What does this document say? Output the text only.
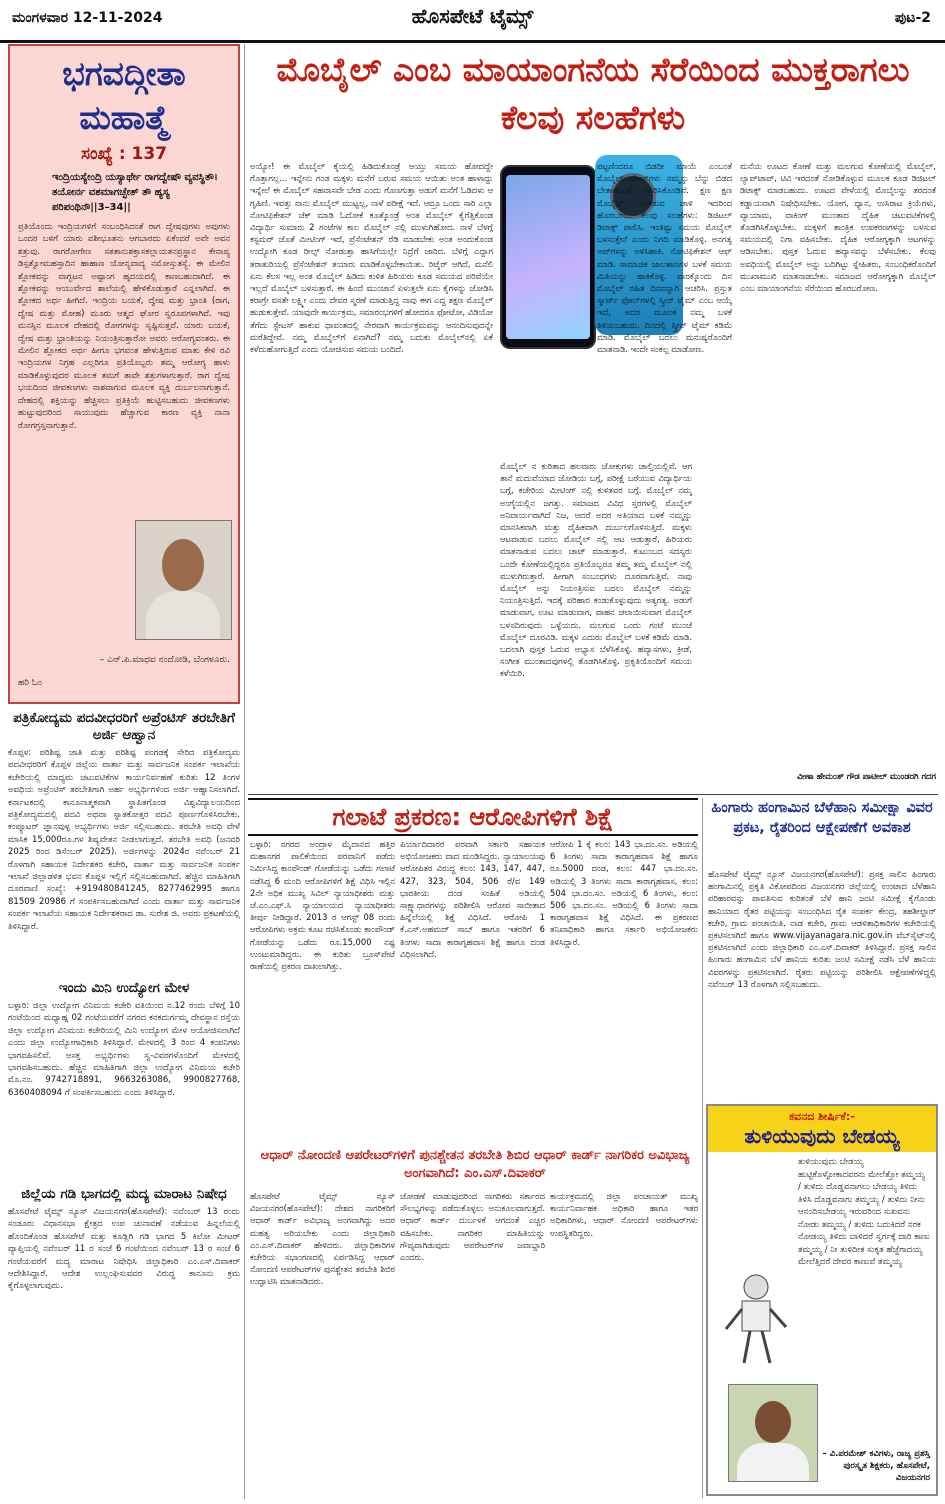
ಮಂಗಳವಾರ 12-11-2024	ಹೊಸಪೇಟೆ ಟೈಮ್ಸ್	ಪುಟ-2
ಭಗವದ್ಗೀತಾ ಮಹಾತ್ಮೆ
ಸಂಖ್ಯೆ : 137
ಇಂದ್ರಿಯಸ್ಯೇಂದ್ರಿ ಯಸ್ಯಾರ್ಥೇ ರಾಗದ್ವೇಷೌ ವ್ಯವಸ್ಥಿತೌ। ತಯೋರ್ನ ವಶಮಾಗಚ್ಛೇತ್ ತೌ ಹ್ಯಸ್ಯ ಪರಿಪಂಥಿನೌ||3–34||
ಪ್ರತಿಯೊಂದು ಇಂದ್ರಿಯಗಳಿಗೆ ಸಂಬಂಧಿಸಿದಂತೆ ರಾಗ ದ್ವೇಷವುಗಳು ಅವುಗಳು ಒಂದರ ಬಳಿಗೆ ಯಾರು ವಶೀಭೂತನು ಆಗಬಾರದು ಏಕೆಂದರೆ ಅವೇ ಅವನ ಶತ್ರುವು. ರಾಗರೋಗೇಣ ಸತತಾನುಶಕ್ತಾಸಕಲ್ಲಾಯತನಪ್ರಸ್ಥಾನ ಕೇನಾಪ್ಯ ಡಿಸ್ಪತ್ವೋಮಹಸ್ತಾದಿನ ಹಾಹಾಣ ಯೋನ್ಯವಾದ್ಯ ನಮೋಸ್ತುತಸ್ಯೆ. ಈ ಮೇಲಿನ ಶ್ಲೋಕವನ್ನು ವಾಗ್ಭಟನ ಅಷ್ಟಾಂಗ ಹೃದಯದಲ್ಲಿ ಕಾಣಬಹುದಾಗಿದೆ. ಈ ಶ್ಲೋಕವನ್ನು ಆಯುರ್ವೇದ ಶಾಲೆಯಲ್ಲಿ ಹೇಳಿಕೊಡುತ್ತಾರೆ ಎನ್ನಲಾಗಿದೆ. ಈ ಶ್ಲೋಕದ ಅರ್ಥ ಹೀಗಿದೆ. ಇಂದ್ರಿಯ ಬಯಕೆ, ದ್ವೇಷ ಮತ್ತು ಭ್ರಾಂತಿ (ರಾಗ, ದ್ವೇಷ ಮತ್ತು ಮೋಹ) ಮೂರು ಆತ್ಮದ ಘೋರ ಸ್ವರೂಪಗಳಾಗಿವೆ. ಇವು ಮನಸ್ಸಿನ ಮೂಲಕ ದೇಹದಲ್ಲಿ ರೋಗಗಳನ್ನು ಸೃಷ್ಟಿಸುತ್ತವೆ. ಯಾರು ಬಯಕೆ, ದ್ವೇಷ ಮತ್ತು ಭ್ರಾಂತಿಯನ್ನು ನಿಯಂತ್ರಿಸುತ್ತಾರೋ ಅವರು ಆರೋಗ್ಯವಂತರು. ಈ ಮೇಲಿನ ಶ್ಲೋಕದ ಅರ್ಥ ಹೀಗೂ ಭಗವಂತ ಹೇಳುತ್ತಿರುವ ಮಾತು ಕೇಳಿ ರವಿ ಇಂದ್ರಿಯಗಳ ನಿಗ್ರಹ ಎಲ್ಲರಿಗೂ ಪ್ರತಿಯೊಬ್ಬರು ತಮ್ಮ ಆರೋಗ್ಯ ಹಾಳು ಮಾಡಿಕೊಳ್ಳುವುದರ ಮೂಲಕ ತಮಗೆ ತಾವೇ ಶತ್ರುಗಳಾಗುತ್ತಾರೆ. ರಾಗ ದ್ವೇಷ ಭಯದಿಂದ ಜೀವಕಣಗಳು ನಾಶವಾಗುವ ಮೂಲಕ ವ್ಯಕ್ತಿ ದುರ್ಬಲನಾಗುತ್ತಾನೆ. ದೇಹದಲ್ಲಿ ಶಕ್ತಿಯನ್ನು ಹೆಚ್ಚಿಸಲು ಪ್ರತಿಕ್ರಿಯೆ ಹುಟ್ಟಿಸಬಹುದು ಜೀವಕಣಗಳು ಹುಟ್ಟುವುದರಿಂದ ಸಾಯುವುದು ಹೆಚ್ಚಾಗುವ ಕಾರಣ ವ್ಯಕ್ತಿ ನಾನಾ ರೋಗಗ್ರಸ್ತನಾಗುತ್ತಾನೆ.
– ಎನ್.ಪಿ.ಮಾಧವ ನಂದೋಡಿ, ಬೆಂಗಳೂರು.
ಹರಿ ಓಂ
ಪತ್ರಿಕೋದ್ಯಮ ಪದವೀಧರರಿಗೆ ಅಪ್ರೆಂಟಿಸ್ ತರಬೇತಿಗೆ ಅರ್ಜಿ ಆಹ್ವಾನ
ಕೊಪ್ಪಳ: ಪರಿಶಿಷ್ಟ ಜಾತಿ ಮತ್ತು ಪರಿಶಿಷ್ಟ ಪಂಗಡಕ್ಕೆ ಸೇರಿದ ಪತ್ರಿಕೋದ್ಯಮ ಪದವೀಧರರಿಗೆ ಕೊಪ್ಪಳ ಜಿಲ್ಲೆಯ ವಾರ್ತಾ ಮತ್ತು ಸಾರ್ವಜನಿಕ ಸಂಪರ್ಕ ಇಲಾಖೆಯ ಕಚೇರಿಯಲ್ಲಿ ಮಾಧ್ಯಮ ಚಟುವಟಿಕೆಗಳ ಕಾರ್ಯನಿರ್ವಹಣೆ ಕುರಿತು 12 ತಿಂಗಳ ಅವಧಿಯ ಅಪ್ರೆಂಟಿಸ್ ತರಬೇತಿಗಾಗಿ ಅರ್ಹ ಅಭ್ಯರ್ಥಿಗಳಿಂದ ಅರ್ಜಿ ಆಹ್ವಾನಿಸಲಾಗಿದೆ. ಕರ್ನಾಟಕದಲ್ಲಿ ಕಾನೂನಾತ್ಮಕವಾಗಿ ಸ್ಥಾಪಿತಗೊಂಡ ವಿಶ್ವವಿದ್ಯಾಲಯದಿಂದ ಪತ್ರಿಕೋದ್ಯಮದಲ್ಲಿ ಪದವಿ ಅಥವಾ ಸ್ನಾತಕೋತ್ತರ ಪದವಿ ಪೂರ್ಣಗೊಳಿಸಿರಬೇಕು. ಕಂಪ್ಯೂಟರ್ ಜ್ಞಾನವುಳ್ಳ ಅಭ್ಯರ್ಥಿಗಳು ಅರ್ಜಿ ಸಲ್ಲಿಸಬಹುದು. ತರಬೇತಿ ಅವಧಿ ವೇಳೆ ಮಾಸಿಕ 15,000ರೂ.ಗಳ ಶಿಷ್ಯವೇತನ ನೀಡಲಾಗುತ್ತದೆ. ತರಬೇತಿ ಅವಧಿ (ಜನವರಿ 2025 ರಿಂದ ಡಿಸೆಂಬರ್ 2025). ಅರ್ಜಿಗಳನ್ನು 2024ರ ನವೆಂಬರ್ 21 ರೊಳಗಾಗಿ ಸಹಾಯಕ ನಿರ್ದೇಶಕರ ಕಚೇರಿ, ವಾರ್ತಾ ಮತ್ತು ಸಾರ್ವಜನಿಕ ಸಂಪರ್ಕ ಇಲಾಖೆ ಜಿಲ್ಲಾಡಳಿತ ಭವನ ಕೊಪ್ಪಳ ಇಲ್ಲಿಗೆ ಸಲ್ಲಿಸಬಹುದಾಗಿದೆ. ಹೆಚ್ಚಿನ ಮಾಹಿತಿಗಾಗಿ ದೂರವಾಣಿ ಸಂಖ್ಯೆ: +919480841245, 8277462995 ಹಾಗೂ 81509 20986 ಗೆ ಸಂಪರ್ಕಿಸಬಹುದಾಗಿದೆ ಎಂದು ವಾರ್ತಾ ಮತ್ತು ಸಾರ್ವಜನಿಕ ಸಂಪರ್ಕ ಇಲಾಖೆಯ ಸಹಾಯಕ ನಿರ್ದೇಶಕರಾದ ಡಾ. ಸುರೇಶ ಜಿ. ಅವರು ಪ್ರಕಟಣೆಯಲ್ಲಿ ತಿಳಿಸಿದ್ದಾರೆ.
ಇಂದು ಮಿನಿ ಉದ್ಯೋಗ ಮೇಳ
ಬಳ್ಳಾರಿ: ಜಿಲ್ಲಾ ಉದ್ಯೋಗ ವಿನಿಮಯ ಕಚೇರಿ ವತಿಯಿಂದ ನ.12 ರಂದು ಬೆಳಿಗ್ಗೆ 10 ಗಂಟೆಯಿಂದ ಮಧ್ಯಾಹ್ನ 02 ಗಂಟೆಯವರೆಗೆ ನಗರದ ಕನಕದುರ್ಗಮ್ಮ ದೇವಸ್ಥಾನ ರಸ್ತೆಯ ಜಿಲ್ಲಾ ಉದ್ಯೋಗ ವಿನಿಮಯ ಕಚೇರಿಯಲ್ಲಿ ಮಿನಿ ಉದ್ಯೋಗ ಮೇಳ ಆಯೋಜಿಸಲಾಗಿದೆ ಎಂದು ಜಿಲ್ಲಾ ಉದ್ಯೋಗಾಧಿಕಾರಿ ತಿಳಿಸಿದ್ದಾರೆ. ಮೇಳದಲ್ಲಿ 3 ರಿಂದ 4 ಕಂಪನಿಗಳು ಭಾಗವಹಿಸಲಿವೆ. ಆಸಕ್ತ ಅಭ್ಯರ್ಥಿಗಳು ಸ್ವ-ವಿವರಗಳೊಂದಿಗೆ ಮೇಳದಲ್ಲಿ ಭಾಗವಹಿಸಬಹುದು. ಹೆಚ್ಚಿನ ಮಾಹಿತಿಗಾಗಿ ಜಿಲ್ಲಾ ಉದ್ಯೋಗ ವಿನಿಮಯ ಕಚೇರಿ ಮೊ.ನಂ. 9742718891, 9663263086, 9900827768, 6360408094 ಗೆ ಸಂಪರ್ಕಿಸಬಹುದು ಎಂದು ತಿಳಿಸಿದ್ದಾರೆ.
ಜಿಲ್ಲೆಯ ಗಡಿ ಭಾಗದಲ್ಲಿ ಮದ್ಯ ಮಾರಾಟ ನಿಷೇಧ
ಹೊಸಪೇಟೆ ಟೈಮ್ಸ್ ನ್ಯೂಸ್ ವಿಜಯನಗರ(ಹೊಸಪೇಟೆ): ನವೆಂಬರ್ 13 ರಂದು ಸಂಡೂರು ವಿಧಾನಸಭಾ ಕ್ಷೇತ್ರದ ಉಪ ಚುನಾವಣೆ ನಡೆಯುವ ಹಿನ್ನಲೆಯಲ್ಲಿ ಹೊಂದಿಕೊಂಡ ಹೊಸಪೇಟೆ ಮತ್ತು ಕೂಡ್ಲಿಗಿ ಗಡಿ ಭಾಗದ 5 ಕಿಲೋ ಮೀಟರ್ ವ್ಯಾಪ್ತಿಯಲ್ಲಿ ನವೆಂಬರ್ 11 ರ ಸಂಜೆ 6 ಗಂಟೆಯಿಂದ ನವೆಂಬರ್ 13 ರ ಸಂಜೆ 6 ಗಂಟೆಯವರೆಗೆ ಮದ್ಯ ಮಾರಾಟ ನಿಷೇಧಿಸಿ ಜಿಲ್ಲಾಧಿಕಾರಿ ಎಂ.ಎಸ್.ದಿವಾಕರ್ ಆದೇಶಿಸಿದ್ದಾರೆ. ಆದೇಶ ಉಲ್ಲಂಘಿಸುವವರ ವಿರುದ್ಧ ಕಾನೂನು ಕ್ರಮ ಕೈಗೊಳ್ಳಲಾಗುವುದು.
ಮೊಬೈಲ್ ಎಂಬ ಮಾಯಾಂಗನೆಯ ಸೆರೆಯಿಂದ ಮುಕ್ತರಾಗಲು ಕೆಲವು ಸಲಹೆಗಳು
ಅಯ್ಯೋ! ಈ ಮೊಬೈಲ್ ಕೈಯಲ್ಲಿ ಹಿಡಿದುಕೊಂಡ್ರೆ ಆಯ್ತು ಸಮಯ ಹೋದದ್ದೇ ಗೊತ್ತಾಗಲ್ಲ... ಇನ್ನೇನು ಗಂಡ ಮಕ್ಕಳು ಮನೆಗೆ ಬರುವ ಸಮಯ ಆಯಿತು ಅಂತ ಹಾಳಾದ್ದು ಇನ್ನೇಲೆ ಈ ಮೊಬೈಲ್ ಸಹವಾಸವೇ ಬೇಡ ಎಂದು ಗೊಣಗುತ್ತಾ ಅಡುಗೆ ಮನೆಗೆ ಓಡಿದಳು ಆ ಗೃಹಿಣಿ. ಇವತ್ತು ನಾನು ಮೊಬೈಲ್ ಮುಟ್ಟಲ್ಲ, ನಾಳೆ ಪರೀಕ್ಷೆ ಇದೆ. ಆದ್ರೂ ಒಂದು ಸಾರಿ ಎಲ್ಲಾ ನೋಟಿಫಿಕೇಶನ್ ಚೆಕ್ ಮಾಡಿ ಓದೋಕೆ ಕೂತ್ಕೊಂಡ್ರೆ ಅಂತ ಮೊಬೈಲ್ ಕೈಗೆತ್ತಿಕೊಂಡ ವಿದ್ಯಾರ್ಥಿ ಸುಮಾರು 2 ಗಂಟೆಗಳ ಕಾಲ ಮೊಬೈಲ್ ನಲ್ಲಿ ಮುಳುಗಿಹೋದ. ನಾಳೆ ಬೆಳಗ್ಗೆ ಕಸ್ಟಮರ್ ಜೊತೆ ಮೀಟಿಂಗ್ ಇದೆ, ಪ್ರೆಸೆಂಟೇಶನ್ ರೆಡಿ ಮಾಡಬೇಕು ಅಂತ ಅಂದುಕೊಂಡ ಉದ್ಯೋಗಿ ಕೂಡ ರೀಲ್ಸ್ ನೋಡುತ್ತಾ ಹಾಸಿಗೆಯಲ್ಲೇ ನಿದ್ರೆಗೆ ಜಾರಿದ. ಬೆಳಿಗ್ಗೆ ಎದ್ದಾಗ ತರಾತುರಿಯಲ್ಲಿ ಪ್ರೆಸೆಂಟೇಶನ್ ತಯಾರು ಮಾಡಿಕೊಳ್ಳಬೇಕಾಯಿತು. ರಿಟೈರ್ ಆಗಿದೆ, ಮನೆಲಿ ಏನು ಕೆಲಸ ಇಲ್ಲ ಅಂತ ಮೊಬೈಲ್ ಹಿಡಿದು ಕುಳಿತ ಹಿರಿಯರು ಕೂಡ ಸಮಯದ ಪರಿವೆಯೇ ಇಲ್ಲದೆ ಮೊಬೈಲ್ ಬಳಸುತ್ತಾರೆ. ಈ ಹಿಂದೆ ಮುಂಜಾನೆ ಏಳುತ್ತಲೇ ಏನು ಕೈಗಳನ್ನು ಜೋಡಿಸಿ ಕರಾಗ್ರೇ ವಸತೇ ಲಕ್ಷ್ಮೀ ಎಂದು ದೇವರ ಸ್ಮರಣೆ ಮಾಡುತ್ತಿದ್ದ ನಾವು ಈಗ ಎದ್ದ ತಕ್ಷಣ ಮೊಬೈಲ್ ಹುಡುಕುತ್ತೇವೆ. ಯಾವುದೇ ಕಾರ್ಯಕ್ರಮ, ಸಮಾರಂಭಗಳಿಗೆ ಹೋದರೂ ಫೋಟೋ, ವಿಡಿಯೋ ತೆಗೆದು ಸ್ಟೇಟಸ್ ಹಾಕುವ ಧಾವಂತದಲ್ಲಿ ನೇರವಾಗಿ ಕಾರ್ಯಕ್ರಮವನ್ನು ಆನಂದಿಸುವುದನ್ನೇ ಮರೆತಿದ್ದೇವೆ. ನಮ್ಮ ಮೊಬೈಲ್‌ಗೆ ಏನಾಗಿದೆ? ನಮ್ಮ ಬದುಕು ಮೊಬೈಲ್‌ನಲ್ಲಿ ಏಕೆ ಕಳೆದುಹೋಗುತ್ತಿದೆ ಎಂದು ಯೋಚಿಸುವ ಸಮಯ ಬಂದಿದೆ.
ಮೊಬೈಲ್ ನ ಕುರಿತಾದ ಹಲವಾರು ಜೋಕುಗಳು ಚಾಲ್ತಿಯಲ್ಲಿವೆ. ಆಗ ತಾನೆ ಮದುವೆಯಾದ ಜೋಡಿಯ ಬಗ್ಗೆ, ಪರೀಕ್ಷೆ ಬರೆಯುವ ವಿದ್ಯಾರ್ಥಿಯ ಬಗ್ಗೆ, ಕಚೇರಿಯ ಮೀಟಿಂಗ್ ನಲ್ಲಿ ಕುಳಿತವರ ಬಗ್ಗೆ. ಮೊಬೈಲ್ ನಮ್ಮ ಅಂಗೈಯಲ್ಲಿನ ಜಗತ್ತು. ಸಮಾಜದ ವಿವಿಧ ಸ್ತರಗಳಲ್ಲಿ ಮೊಬೈಲ್ ಅನಿವಾರ್ಯವಾಗಿದೆ ನಿಜ, ಆದರೆ ಅದರ ಅತಿಯಾದ ಬಳಕೆ ನಮ್ಮನ್ನು ಮಾನಸಿಕವಾಗಿ ಮತ್ತು ದೈಹಿಕವಾಗಿ ದುರ್ಬಲಗೊಳಿಸುತ್ತಿದೆ. ಮಕ್ಕಳು ಆಟವಾಡುವ ಬದಲು ಮೊಬೈಲ್ ನಲ್ಲಿ ಆಟ ಆಡುತ್ತಾರೆ, ಹಿರಿಯರು ಮಾತನಾಡುವ ಬದಲು ಚಾಟ್ ಮಾಡುತ್ತಾರೆ. ಕುಟುಂಬದ ಸದಸ್ಯರು ಒಂದೇ ಕೋಣೆಯಲ್ಲಿದ್ದರೂ ಪ್ರತಿಯೊಬ್ಬರೂ ತಮ್ಮ ತಮ್ಮ ಮೊಬೈಲ್ ನಲ್ಲಿ ಮುಳುಗಿರುತ್ತಾರೆ. ಹೀಗಾಗಿ ಸಂಬಂಧಗಳು ದೂರವಾಗುತ್ತಿವೆ. ನಾವು ಮೊಬೈಲ್ ಅನ್ನು ನಿಯಂತ್ರಿಸುವ ಬದಲು ಮೊಬೈಲ್ ನಮ್ಮನ್ನು ನಿಯಂತ್ರಿಸುತ್ತಿದೆ. ಇದಕ್ಕೆ ಪರಿಹಾರ ಕಂಡುಕೊಳ್ಳುವುದು ಅತ್ಯಗತ್ಯ. ಅಡುಗೆ ಮಾಡುವಾಗ, ಊಟ ಮಾಡುವಾಗ, ವಾಹನ ಚಲಾಯಿಸುವಾಗ ಮೊಬೈಲ್ ಬಳಸದಿರುವುದು ಒಳ್ಳೆಯದು. ಮಲಗುವ ಒಂದು ಗಂಟೆ ಮುಂಚೆ ಮೊಬೈಲ್ ದೂರವಿಡಿ. ಮಕ್ಕಳ ಎದುರು ಮೊಬೈಲ್ ಬಳಕೆ ಕಡಿಮೆ ಮಾಡಿ. ಬದಲಾಗಿ ಪುಸ್ತಕ ಓದುವ ಅಭ್ಯಾಸ ಬೆಳೆಸಿಕೊಳ್ಳಿ. ಹವ್ಯಾಸಗಳು, ಕ್ರೀಡೆ, ಸಂಗೀತ ಮುಂತಾದವುಗಳಲ್ಲಿ ತೊಡಗಿಸಿಕೊಳ್ಳಿ. ಪ್ರಕೃತಿಯೊಂದಿಗೆ ಸಮಯ ಕಳೆಯಿರಿ.
ಪಟ್ಟಣಿಂದರೂ ಬಿಡದೀ ಮಾಯೆ ಎಂಬಂತೆ ಮೊಬೈಲ್ ಫೋನ್‌ಗಳು ನಮ್ಮನ್ನು ಬೆನ್ನು ಬಿಡದ ಬೇತಾಳದಂತೆ ಆವರಿಸಿಕೊಂಡಿವೆ. ಕ್ಷಣ ಕ್ಷಣ ಮೊಬೈಲ್ ನೋಡುವ ಚಾಳಿ ಇದರಿಂದ ಹೊರಬರಲು ಕೆಲವು ಸಲಹೆಗಳು: ಡಿಜಿಟಲ್ ಡಿಟಾಕ್ಸ್ ಪಾಲಿಸಿ. ಇಂತಿಷ್ಟು ಸಮಯ ಮೊಬೈಲ್ ಬಳಸುತ್ತೇನೆ ಎಂದು ನಿಗದಿ ಮಾಡಿಕೊಳ್ಳಿ. ಅನಗತ್ಯ ಆಪ್‌ಗಳನ್ನು ಅಳಿಸಿಹಾಕಿ. ನೋಟಿಫಿಕೇಶನ್ ಆಫ್ ಮಾಡಿ. ಸಾಮಾಜಿಕ ಜಾಲತಾಣಗಳ ಬಳಕೆ ಸಮಯ ಮಿತಿಯನ್ನು ಹಾಕಿಕೊಳ್ಳಿ. ವಾರಕ್ಕೊಂದು ದಿನ ಮೊಬೈಲ್ ರಹಿತ ದಿನವನ್ನಾಗಿ ಆಚರಿಸಿ. ಪ್ರಸ್ತುತ ಸ್ಮಾರ್ಟ್ ಫೋನ್‌ಗಳಲ್ಲಿ ಸ್ಕ್ರೀನ್ ಟೈಮ್ ಎಂಬ ಆಯ್ಕೆ ಇದೆ, ಅದರ ಮೂಲಕ ನಮ್ಮ ಬಳಕೆ ತಿಳಿಯಬಹುದು. ದಿನದಲ್ಲಿ ಸ್ಕ್ರೀನ್ ಟೈಮ್ ಕಡಿಮೆ ಮಾಡಿ. ಮೊಬೈಲ್ ಬದಲು ಮನುಷ್ಯರೊಂದಿಗೆ ಮಾತನಾಡಿ. ಇಂದೇ ಸಂಕಲ್ಪ ಮಾಡೋಣ.
ಮನೆಯ ಊಟದ ಕೋಣೆ ಮತ್ತು ಮಲಗುವ ಕೋಣೆಯಲ್ಲಿ ಮೊಬೈಲ್, ಲ್ಯಾಪ್‌ಟಾಪ್, ಟಿವಿ ಇರದಂತೆ ನೋಡಿಕೊಳ್ಳುವ ಮೂಲಕ ಕೂಡ ಡಿಜಿಟಲ್ ಡಿಟಾಕ್ಸ್ ಮಾಡಬಹುದು. ಊಟದ ವೇಳೆಯಲ್ಲಿ ಮೊಬೈಲನ್ನು ತರದಂತೆ ಕಡ್ಡಾಯವಾಗಿ ನಿಷೇಧಿಸಬೇಕು. ಯೋಗ, ಧ್ಯಾನ, ಉಸಿರಾಟ ಕ್ರಿಯೆಗಳು, ವ್ಯಾಯಾಮ, ವಾಕಿಂಗ್ ಮುಂತಾದ ದೈಹಿಕ ಚಟುವಟಿಕೆಗಳಲ್ಲಿ ತೊಡಗಿಸಿಕೊಳ್ಳಬೇಕು. ಮಕ್ಕಳಿಗೆ ತಾಂತ್ರಿಕ ಉಪಕರಣಗಳನ್ನು ಬಳಸುವ ಸಮಯದಲ್ಲಿ ನಿಗಾ ವಹಿಸಬೇಕು. ದೈಹಿಕ ಆರೋಗ್ಯಕ್ಕಾಗಿ ಆಟಗಳನ್ನು ಆಡಿಸಬೇಕು. ಪುಸ್ತಕ ಓದುವ ಹವ್ಯಾಸವನ್ನು ಬೆಳೆಸಬೇಕು. ಕೆಲವು ಅವಧಿಯಲ್ಲಿ ಮೊಬೈಲ್ ಅನ್ನು ಬದಿಗಿಟ್ಟು ಸ್ನೇಹಿತರು, ಸಂಬಂಧಿಕರೊಂದಿಗೆ ಮುಖಾಮುಖಿ ಮಾತನಾಡಬೇಕು. ಸಮಾಜದ ಆರೋಗ್ಯಕ್ಕಾಗಿ ಮೊಬೈಲ್ ಎಂಬ ಮಾಯಾಂಗನೆಯ ಸೆರೆಯಿಂದ ಹೊರಬರೋಣ.
ವೀಣಾ ಹೇಮಂತ್ ಗೌಡ ಪಾಟೀಲ್ ಮುಂಡರಗಿ ಗದಗ
ಗಲಾಟೆ ಪ್ರಕರಣ: ಆರೋಪಿಗಳಿಗೆ ಶಿಕ್ಷೆ
ಬಳ್ಳಾರಿ: ನಗರದ ಅಂದ್ರಾಳ ಮೈದಾನದ ಹತ್ತಿರ ಮಹಾನಗರ ಪಾಲಿಕೆಯಿಂದ ಪರವಾನಿಗೆ ಪಡೆದು ನಿರ್ಮಿಸಿದ್ದ ಕಾಂಪೌಂಡ್ ಗೋಡೆಯನ್ನು ಒಡೆದು ಗಲಾಟೆ ನಡೆಸಿದ್ದ 6 ಮಂದಿ ಆರೋಪಿಗಳಿಗೆ ಶಿಕ್ಷೆ ವಿಧಿಸಿ ಇಲ್ಲಿನ 2ನೇ ಅಧಿಕ ಮುಖ್ಯ ಸಿವಿಲ್ ನ್ಯಾಯಾಧೀಶರು ಮತ್ತು ಜೆ.ಎಂ.ಎಫ್.ಸಿ ನ್ಯಾಯಾಲಯದ ನ್ಯಾಯಾಧೀಶರು ತೀರ್ಪು ನೀಡಿದ್ದಾರೆ. 2013 ರ ಆಗಸ್ಟ್ 08 ರಂದು ಆರೋಪಿಗಳು ಅಕ್ರಮ ಕೂಟ ರಚಿಸಿಕೊಂಡು ಕಾಂಪೌಂಡ್ ಗೋಡೆಯನ್ನು ಒಡೆದು ರೂ.15,000 ನಷ್ಟ ಉಂಟುಮಾಡಿದ್ದರು. ಈ ಕುರಿತು ಬ್ರೂಸ್‌ಪೇಟೆ ಠಾಣೆಯಲ್ಲಿ ಪ್ರಕರಣ ದಾಖಲಾಗಿತ್ತು.
ಪಿರ್ಯಾದಿದಾರರ ಪರವಾಗಿ ಸರ್ಕಾರಿ ಸಹಾಯಕ ಅಭಿಯೋಜಕರು ವಾದ ಮಂಡಿಸಿದ್ದರು. ನ್ಯಾಯಾಲಯವು ಆರೋಪಿತರ ವಿರುದ್ಧ ಕಲಂ: 143, 147, 447, 427, 323, 504, 506 ರೆ/ವ 149 ಭಾರತೀಯ ದಂಡ ಸಂಹಿತೆ ಅಡಿಯಲ್ಲಿ ಸಾಕ್ಷ್ಯಾಧಾರಗಳನ್ನು ಪರಿಶೀಲಿಸಿ ಆರೋಪ ಸಾಬೀತಾದ ಹಿನ್ನೆಲೆಯಲ್ಲಿ ಶಿಕ್ಷೆ ವಿಧಿಸಿದೆ. ಆರೋಪಿ 1 ಕೆ.ಎಸ್.ಅಹಮದ್ ಸಾಬ್ ಹಾಗೂ ಇತರರಿಗೆ 6 ತಿಂಗಳು ಸಾದಾ ಕಾರಾಗೃಹವಾಸ ಶಿಕ್ಷೆ ಹಾಗೂ ದಂಡ ವಿಧಿಸಲಾಗಿದೆ.
ಆರೋಪಿ 1 ಕ್ಕೆ ಕಲಂ: 143 ಭಾ.ದಂ.ಸಂ. ಅಡಿಯಲ್ಲಿ 6 ತಿಂಗಳು ಸಾದಾ ಕಾರಾಗೃಹವಾಸ ಶಿಕ್ಷೆ ಹಾಗೂ ರೂ.5000 ದಂಡ, ಕಲಂ: 447 ಭಾ.ದಂ.ಸಂ. ಅಡಿಯಲ್ಲಿ 3 ತಿಂಗಳು ಸಾದಾ ಕಾರಾಗೃಹವಾಸ, ಕಲಂ: 504 ಭಾ.ದಂ.ಸಂ. ಅಡಿಯಲ್ಲಿ 6 ತಿಂಗಳು, ಕಲಂ: 506 ಭಾ.ದಂ.ಸಂ. ಅಡಿಯಲ್ಲಿ 6 ತಿಂಗಳು ಸಾದಾ ಕಾರಾಗೃಹವಾಸ ಶಿಕ್ಷೆ ವಿಧಿಸಿದೆ. ಈ ಪ್ರಕರಣದ ತನಿಖಾಧಿಕಾರಿ ಹಾಗೂ ಸರ್ಕಾರಿ ಅಭಿಯೋಜಕರು ತಿಳಿಸಿದ್ದಾರೆ.
ಆಧಾರ್ ನೋಂದಣಿ ಆಪರೇಟರ್‌ಗಳಿಗೆ ಪುನಶ್ಚೇತನ ತರಬೇತಿ ಶಿಬಿರ ಆಧಾರ್ ಕಾರ್ಡ್ ನಾಗರಿಕರ ಅವಿಭಾಜ್ಯ ಅಂಗವಾಗಿದೆ: ಎಂ.ಎಸ್.ದಿವಾಕರ್
ಹೊಸಪೇಟೆ ಟೈಮ್ಸ್ ನ್ಯೂಸ್ ವಿಜಯನಗರ(ಹೊಸಪೇಟೆ): ದೇಶದ ನಾಗರಿಕರಿಗೆ ಆಧಾರ್ ಕಾರ್ಡ್ ಅವಿಭಾಜ್ಯ ಅಂಗವಾಗಿದ್ದು ಅದರ ಮಹತ್ವ ಅರಿಯಬೇಕು ಎಂದು ಜಿಲ್ಲಾಧಿಕಾರಿ ಎಂ.ಎಸ್.ದಿವಾಕರ್ ಹೇಳಿದರು. ಜಿಲ್ಲಾಧಿಕಾರಿಗಳ ಕಚೇರಿಯ ಸಭಾಂಗಣದಲ್ಲಿ ಏರ್ಪಡಿಸಿದ್ದ ಆಧಾರ್ ನೋಂದಣಿ ಆಪರೇಟರ್‌ಗಳ ಪುನಶ್ಚೇತನ ತರಬೇತಿ ಶಿಬಿರ ಉದ್ಘಾಟಿಸಿ ಮಾತನಾಡಿದರು.
ಜೋಡಣೆ ಮಾಡುವುದರಿಂದ ನಾಗರಿಕರು ಸರ್ಕಾರದ ಸೌಲಭ್ಯಗಳನ್ನು ಪಡೆದುಕೊಳ್ಳಲು ಅನುಕೂಲವಾಗುತ್ತದೆ. ಆಧಾರ್ ಕಾರ್ಡ್ ದುರ್ಬಳಕೆ ಆಗದಂತೆ ಎಚ್ಚರ ವಹಿಸಬೇಕು. ನಾಗರಿಕರ ಮಾಹಿತಿಯನ್ನು ಗೌಪ್ಯವಾಗಿಡುವುದು ಆಪರೇಟರ್‌ಗಳ ಜವಾಬ್ದಾರಿ ಎಂದರು.
ಕಾರ್ಯಕ್ರಮದಲ್ಲಿ ಜಿಲ್ಲಾ ಪಂಚಾಯತ್ ಮುಖ್ಯ ಕಾರ್ಯನಿರ್ವಾಹಕ ಅಧಿಕಾರಿ ಹಾಗೂ ಇತರ ಅಧಿಕಾರಿಗಳು, ಆಧಾರ್ ನೋಂದಣಿ ಆಪರೇಟರ್‌ಗಳು ಉಪಸ್ಥಿತರಿದ್ದರು.
ಹಿಂಗಾರು ಹಂಗಾಮಿನ ಬೆಳೆಹಾನಿ ಸಮೀಕ್ಷಾ ವಿವರ ಪ್ರಕಟ, ರೈತರಿಂದ ಆಕ್ಷೇಪಣೆಗೆ ಅವಕಾಶ
ಹೊಸಪೇಟೆ ಟೈಮ್ಸ್ ನ್ಯೂಸ್ ವಿಜಯನಗರ(ಹೊಸಪೇಟೆ): ಪ್ರಸಕ್ತ ಸಾಲಿನ ಹಿಂಗಾರು ಹಂಗಾಮಿನಲ್ಲಿ ಪ್ರಕೃತಿ ವಿಕೋಪದಿಂದ ವಿಜಯನಗರ ಜಿಲ್ಲೆಯಲ್ಲಿ ಉಂಟಾದ ಬೆಳೆಹಾನಿ ಪರಿಹಾರವನ್ನು ಪಾವತಿಸುವ ಕುರಿತಂತೆ ಬೆಳೆ ಹಾನಿ ಜಂಟಿ ಸಮೀಕ್ಷೆ ಕೈಗೊಂಡು ಹಾನಿಯಾದ ರೈತರ ಪಟ್ಟಿಯನ್ನು ಸಂಬಂಧಿಸಿದ ರೈತ ಸಂಪರ್ಕ ಕೇಂದ್ರ, ತಹಶೀಲ್ದಾರ್ ಕಚೇರಿ, ಗ್ರಾಮ ಪಂಚಾಯಿತಿ, ನಾಡ ಕಚೇರಿ, ಗ್ರಾಮ ಆಡಳಿತಾಧಿಕಾರಿಗಳ ಕಚೇರಿಯಲ್ಲಿ ಪ್ರಕಟಿಸಲಾಗಿದೆ ಹಾಗೂ www.vijayanagara.nic.gov.in ವೆಬ್‌ಸೈಟ್‌ನಲ್ಲಿ ಪ್ರಕಟಿಸಲಾಗಿದೆ ಎಂದು ಜಿಲ್ಲಾಧಿಕಾರಿ ಎಂ.ಎಸ್.ದಿವಾಕರ್ ತಿಳಿಸಿದ್ದಾರೆ. ಪ್ರಸಕ್ತ ಸಾಲಿನ ಹಿಂಗಾರು ಹಂಗಾಮಿನ ಬೆಳೆ ಹಾನಿಯ ಕುರಿತು ಜಂಟಿ ಸಮೀಕ್ಷೆ ನಡೆಸಿ ಬೆಳೆ ಹಾನಿಯ ವಿವರಗಳನ್ನು ಪ್ರಕಟಿಸಲಾಗಿದೆ. ರೈತರು ಪಟ್ಟಿಯನ್ನು ಪರಿಶೀಲಿಸಿ ಆಕ್ಷೇಪಣೆಗಳಿದ್ದಲ್ಲಿ ನವೆಂಬರ್ 13 ರೊಳಗಾಗಿ ಸಲ್ಲಿಸಬಹುದು.
ಕವನದ ಶೀರ್ಷಿಕೆ:-
ತುಳಿಯುವುದು ಬೇಡಯ್ಯ
ತುಳಿಯುವುದು ಬೇಡಯ್ಯ ಹುಟ್ಟಿಕೊಳ್ಳೋಕಾದವರನು ಮೇಲೆತ್ತೋ ತಮ್ಮಯ್ಯ / ತುಳಿದು ದೊಡ್ಡವನಾಗಲು ಬೇಡಯ್ಯ ತಿಳಿದು ತಿಳಿಸಿ ದೊಡ್ಡವನಾಗು ತಮ್ಮಯ್ಯ / ತುಳಿದು ನೀನು ಆನಂದಿಸಬೇಡಯ್ಯ ಇರುವರಿಂದ ಸುಖವನು ನೋಡು ತಮ್ಮಯ್ಯ / ತುಳಿದು ಬದುಕಿದರೆ ನರಕ ನೋಡಯ್ಯ ತಿಳಿದು ಬಾಳಿದರೆ ಸ್ವರ್ಗಕ್ಕೆ ದಾರಿ ಕಾಣು ತಮ್ಮಯ್ಯ / ನೀ ತುಳಿದೀತ ಸುಕೃತ ಹೆಜ್ಜೆಗಾದಯ್ಯ ಮೇಲೆತ್ತಿದರೆ ದೇವರ ಕಾಣುವೆ ತಮ್ಮಯ್ಯ
– ವಿ.ಪರಮೇಶ್ ಕವಿಗಳು, ರಾಜ್ಯ ಪ್ರಶಸ್ತಿ ಪುರಸ್ಕೃತ ಶಿಕ್ಷಕರು, ಹೊಸಪೇಟೆ, ವಿಜಯನಗರ
